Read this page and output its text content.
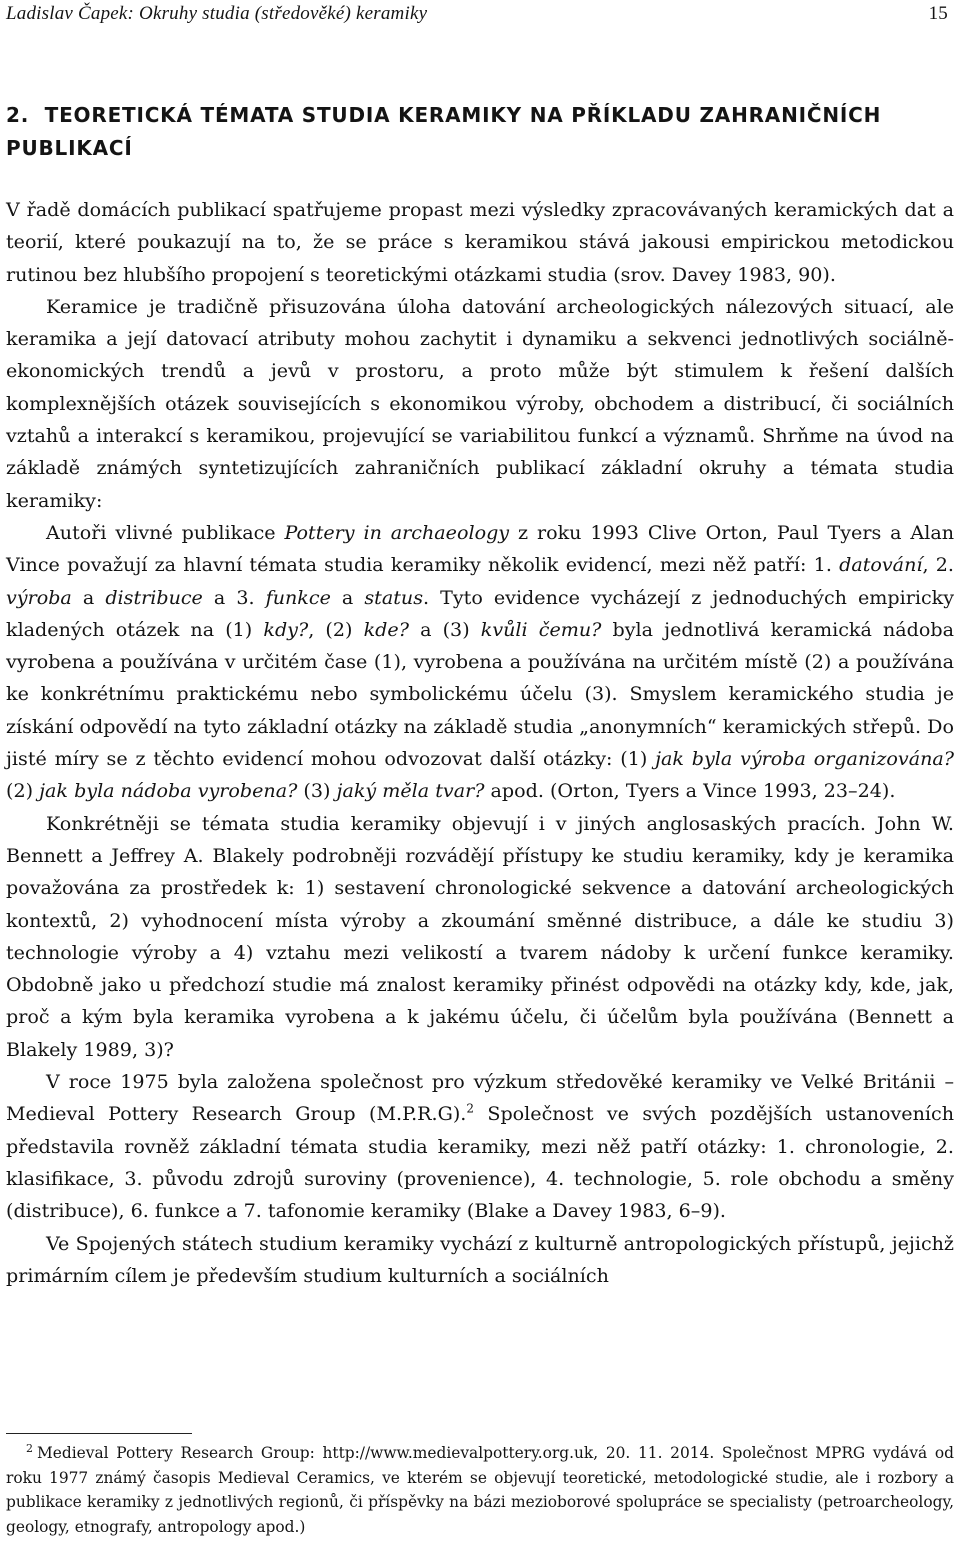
Ladislav Čapek: Okruhy studia (středověké) keramiky	15
2. TEORETICKÁ TÉMATA STUDIA KERAMIKY NA PŘÍKLADU ZAHRANIČNÍCH PUBLIKACÍ

V řadě domácích publikací spatřujeme propast mezi výsledky zpracovávaných keramických dat a teorií, které poukazují na to, že se práce s keramikou stává jakousi empirickou metodickou rutinou bez hlubšího propojení s teoretickými otázkami studia (srov. Davey 1983, 90).

Keramice je tradičně přisuzována úloha datování archeologických nálezových situací, ale keramika a její datovací atributy mohou zachytit i dynamiku a sekvenci jednotlivých sociálně-ekonomických trendů a jevů v prostoru, a proto může být stimulem k řešení dalších komplexnějších otázek souvisejících s ekonomikou výroby, obchodem a distribucí, či sociálních vztahů a interakcí s keramikou, projevující se variabilitou funkcí a významů. Shrňme na úvod na základě známých syntetizujících zahraničních publikací základní okruhy a témata studia keramiky:

Autoři vlivné publikace Pottery in archaeology z roku 1993 Clive Orton, Paul Tyers a Alan Vince považují za hlavní témata studia keramiky několik evidencí, mezi něž patří: 1. datování, 2. výroba a distribuce a 3. funkce a status. Tyto evidence vycházejí z jednoduchých empiricky kladených otázek na (1) kdy?, (2) kde? a (3) kvůli čemu? byla jednotlivá keramická nádoba vyrobena a používána v určitém čase (1), vyrobena a používána na určitém místě (2) a používána ke konkrétnímu praktickému nebo symbolickému účelu (3). Smyslem keramického studia je získání odpovědí na tyto základní otázky na základě studia „anonymních“ keramických střepů. Do jisté míry se z těchto evidencí mohou odvozovat další otázky: (1) jak byla výroba organizována? (2) jak byla nádoba vyrobena? (3) jaký měla tvar? apod. (Orton, Tyers a Vince 1993, 23–24).

Konkrétněji se témata studia keramiky objevují i v jiných anglosaských pracích. John W. Bennett a Jeffrey A. Blakely podrobněji rozvádějí přístupy ke studiu keramiky, kdy je keramika považována za prostředek k: 1) sestavení chronologické sekvence a datování archeologických kontextů, 2) vyhodnocení místa výroby a zkoumání směnné distribuce, a dále ke studiu 3) technologie výroby a 4) vztahu mezi velikostí a tvarem nádoby k určení funkce keramiky. Obdobně jako u předchozí studie má znalost keramiky přinést odpovědi na otázky kdy, kde, jak, proč a kým byla keramika vyrobena a k jakému účelu, či účelům byla používána (Bennett a Blakely 1989, 3)?

V roce 1975 byla založena společnost pro výzkum středověké keramiky ve Velké Británii – Medieval Pottery Research Group (M.P.R.G).$^2$ Společnost ve svých pozdějších ustanoveních představila rovněž základní témata studia keramiky, mezi něž patří otázky: 1. chronologie, 2. klasifikace, 3. původu zdrojů suroviny (provenience), 4. technologie, 5. role obchodu a směny (distribuce), 6. funkce a 7. tafonomie keramiky (Blake a Davey 1983, 6–9).

Ve Spojených státech studium keramiky vychází z kulturně antropologických přístupů, jejichž primárním cílem je především studium kulturních a sociálních

$^2$ Medieval Pottery Research Group: http://www.medievalpottery.org.uk, 20. 11. 2014. Společnost MPRG vydává od roku 1977 známý časopis Medieval Ceramics, ve kterém se objevují teoretické, metodologické studie, ale i rozbory a publikace keramiky z jednotlivých regionů, či příspěvky na bázi mezioborové spolupráce se specialisty (petroarcheology, geology, etnografy, antropology apod.)
